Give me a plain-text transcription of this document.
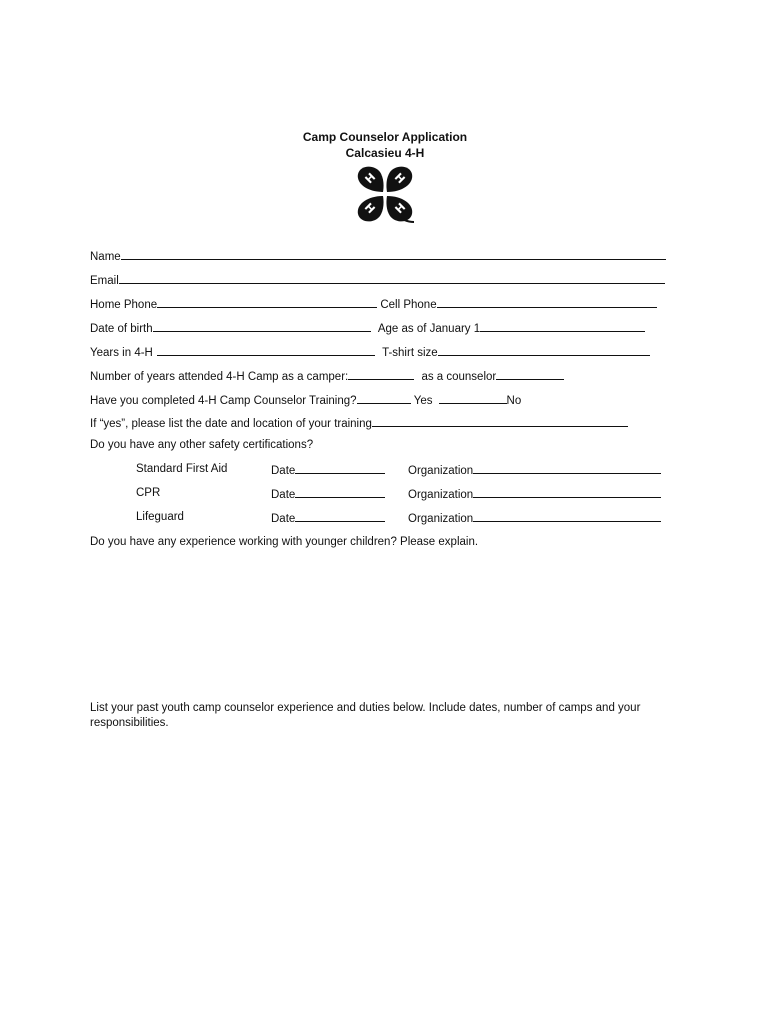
Camp Counselor Application
Calcasieu 4-H
H H
H H
Name
Email
Home Phone	Cell Phone
Date of birth	Age as of January 1
Years in 4-H	T-shirt size
Number of years attended 4-H Camp as a camper:	as a counselor
Have you completed 4-H Camp Counselor Training?	Yes	No
If “yes”, please list the date and location of your training
Do you have any other safety certifications?
Standard First Aid	Date	Organization
CPR	Date	Organization
Lifeguard	Date	Organization
Do you have any experience working with younger children? Please explain.
List your past youth camp counselor experience and duties below. Include dates, number of camps and your responsibilities.
